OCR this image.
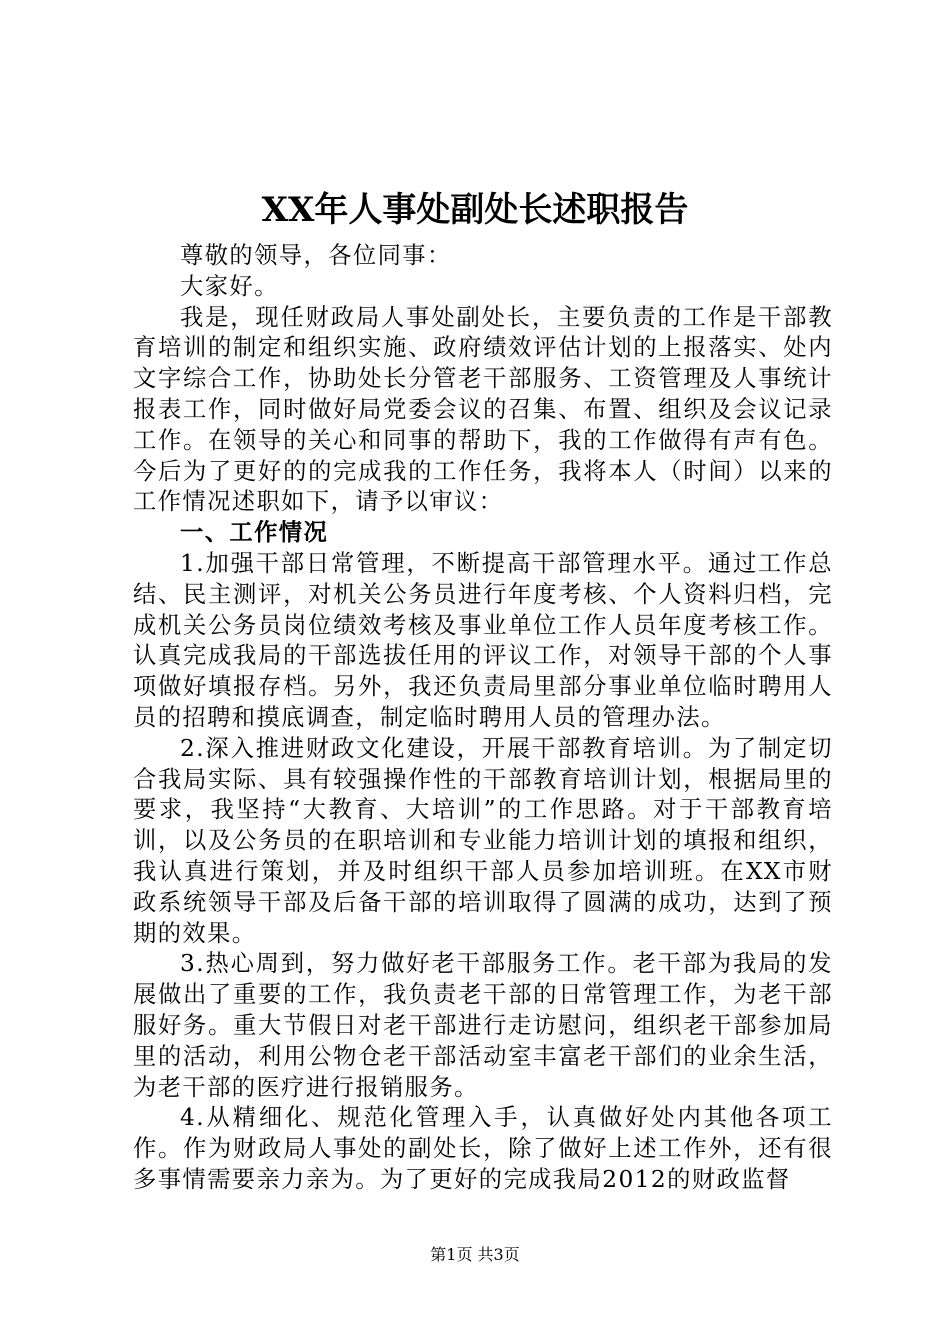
XX年人事处副处长述职报告

尊敬的领导，各位同事：

大家好。

我是，现任财政局人事处副处长，主要负责的工作是干部教育培训的制定和组织实施、政府绩效评估计划的上报落实、处内文字综合工作，协助处长分管老干部服务、工资管理及人事统计报表工作，同时做好局党委会议的召集、布置、组织及会议记录工作。在领导的关心和同事的帮助下，我的工作做得有声有色。今后为了更好的的完成我的工作任务，我将本人（时间）以来的工作情况述职如下，请予以审议：

一、工作情况

1.加强干部日常管理，不断提高干部管理水平。通过工作总结、民主测评，对机关公务员进行年度考核、个人资料归档，完成机关公务员岗位绩效考核及事业单位工作人员年度考核工作。认真完成我局的干部选拔任用的评议工作，对领导干部的个人事项做好填报存档。另外，我还负责局里部分事业单位临时聘用人员的招聘和摸底调查，制定临时聘用人员的管理办法。

2.深入推进财政文化建设，开展干部教育培训。为了制定切合我局实际、具有较强操作性的干部教育培训计划，根据局里的要求，我坚持“大教育、大培训”的工作思路。对于干部教育培训，以及公务员的在职培训和专业能力培训计划的填报和组织，我认真进行策划，并及时组织干部人员参加培训班。在XX市财政系统领导干部及后备干部的培训取得了圆满的成功，达到了预期的效果。

3.热心周到，努力做好老干部服务工作。老干部为我局的发展做出了重要的工作，我负责老干部的日常管理工作，为老干部服好务。重大节假日对老干部进行走访慰问，组织老干部参加局里的活动，利用公物仓老干部活动室丰富老干部们的业余生活，为老干部的医疗进行报销服务。

4.从精细化、规范化管理入手，认真做好处内其他各项工作。作为财政局人事处的副处长，除了做好上述工作外，还有很多事情需要亲力亲为。为了更好的完成我局2012的财政监督

第1页 共3页
